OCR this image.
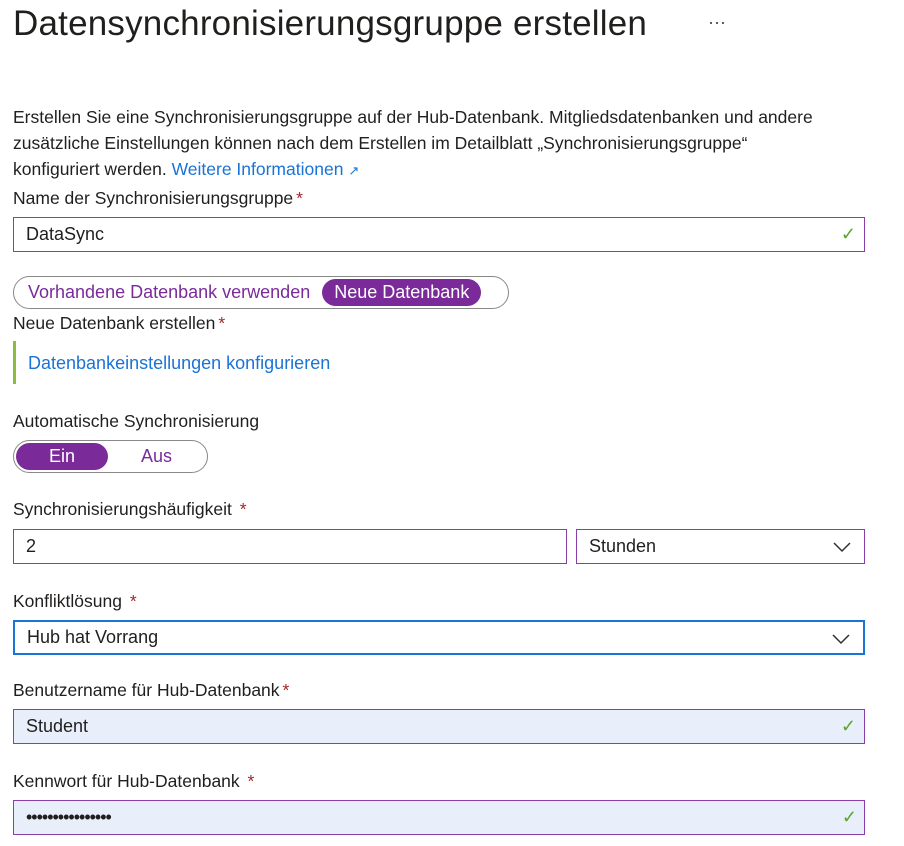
Datensynchronisierungsgruppe erstellen	···
Erstellen Sie eine Synchronisierungsgruppe auf der Hub-Datenbank. Mitgliedsdatenbanken und andere zusätzliche Einstellungen können nach dem Erstellen im Detailblatt „Synchronisierungsgruppe“ konfiguriert werden. Weitere Informationen ↗
Name der Synchronisierungsgruppe *
DataSync	✓
Vorhandene Datenbank verwenden	Neue Datenbank
Neue Datenbank erstellen *
Datenbankeinstellungen konfigurieren
Automatische Synchronisierung
Ein	Aus
Synchronisierungshäufigkeit *
2	Stunden
Konfliktlösung *
Hub hat Vorrang
Benutzername für Hub-Datenbank *
Student	✓
Kennwort für Hub-Datenbank *
••••••••••••••••	✓
